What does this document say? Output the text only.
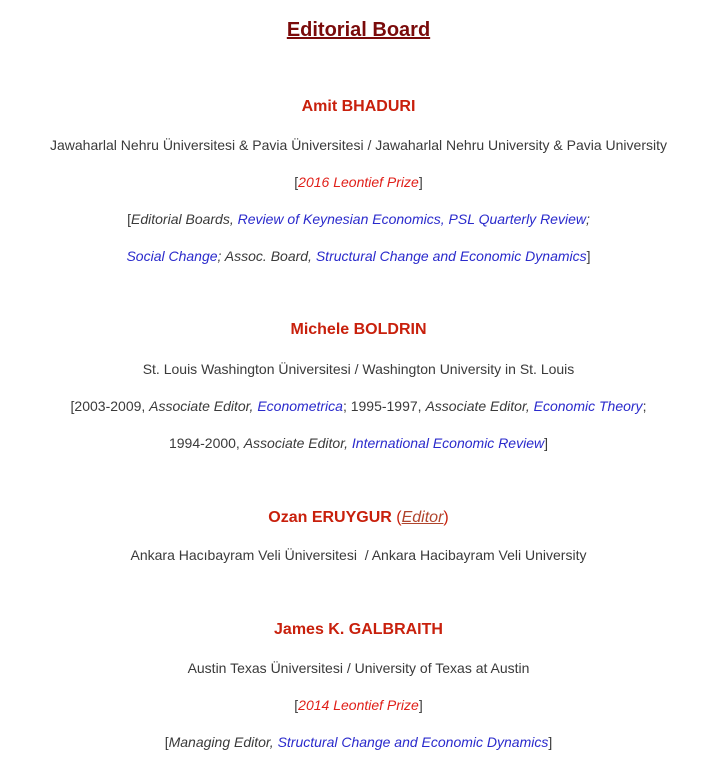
Editorial Board
Amit BHADURI
Jawaharlal Nehru Üniversitesi & Pavia Üniversitesi / Jawaharlal Nehru University & Pavia University
[2016 Leontief Prize]
[Editorial Boards, Review of Keynesian Economics, PSL Quarterly Review;
Social Change; Assoc. Board, Structural Change and Economic Dynamics]
Michele BOLDRIN
St. Louis Washington Üniversitesi / Washington University in St. Louis
[2003-2009, Associate Editor, Econometrica; 1995-1997, Associate Editor, Economic Theory;
1994-2000, Associate Editor, International Economic Review]
Ozan ERUYGUR (Editor)
Ankara Hacıbayram Veli Üniversitesi  / Ankara Hacibayram Veli University
James K. GALBRAITH
Austin Texas Üniversitesi / University of Texas at Austin
[2014 Leontief Prize]
[Managing Editor, Structural Change and Economic Dynamics]
